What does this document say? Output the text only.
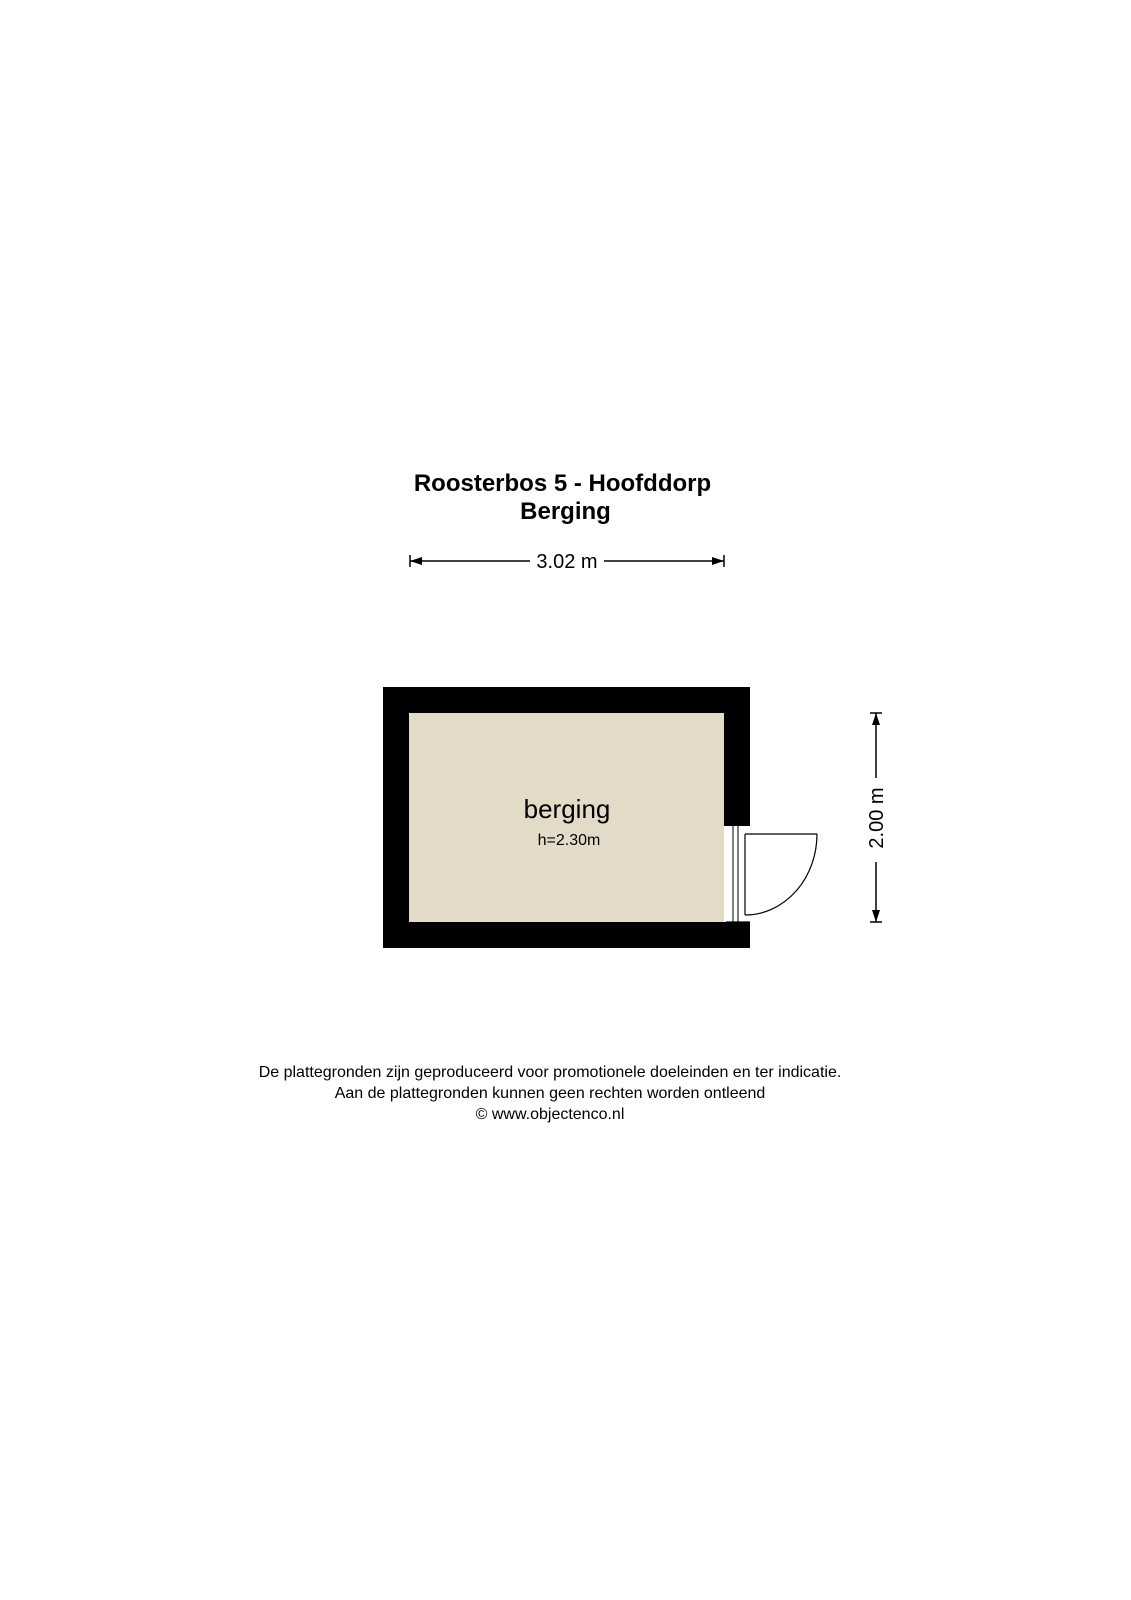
Roosterbos 5 - Hoofddorp
Berging
3.02 m
2.00 m
berging
h=2.30m
De plattegronden zijn geproduceerd voor promotionele doeleinden en ter indicatie.
Aan de plattegronden kunnen geen rechten worden ontleend
© www.objectenco.nl
